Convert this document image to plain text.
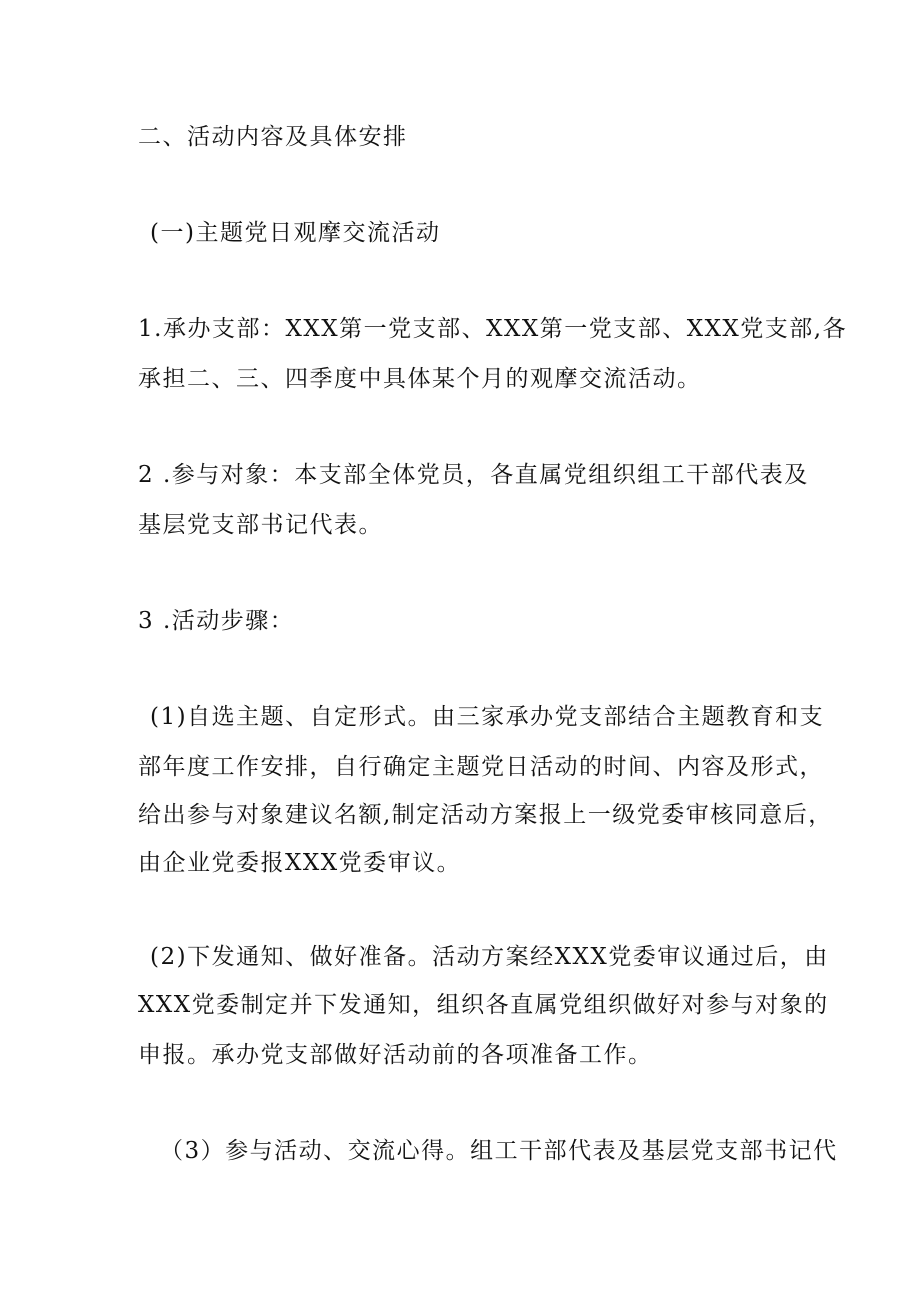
二、活动内容及具体安排
(一)主题党日观摩交流活动
1.承办支部：XXX第一党支部、XXX第一党支部、XXX党支部,各
承担二、三、四季度中具体某个月的观摩交流活动。
2 .参与对象：本支部全体党员，各直属党组织组工干部代表及
基层党支部书记代表。
3 .活动步骤：
(1)自选主题、自定形式。由三家承办党支部结合主题教育和支
部年度工作安排，自行确定主题党日活动的时间、内容及形式，
给出参与对象建议名额,制定活动方案报上一级党委审核同意后，
由企业党委报XXX党委审议。
(2)下发通知、做好准备。活动方案经XXX党委审议通过后，由
XXX党委制定并下发通知，组织各直属党组织做好对参与对象的
申报。承办党支部做好活动前的各项准备工作。
（3）参与活动、交流心得。组工干部代表及基层党支部书记代
